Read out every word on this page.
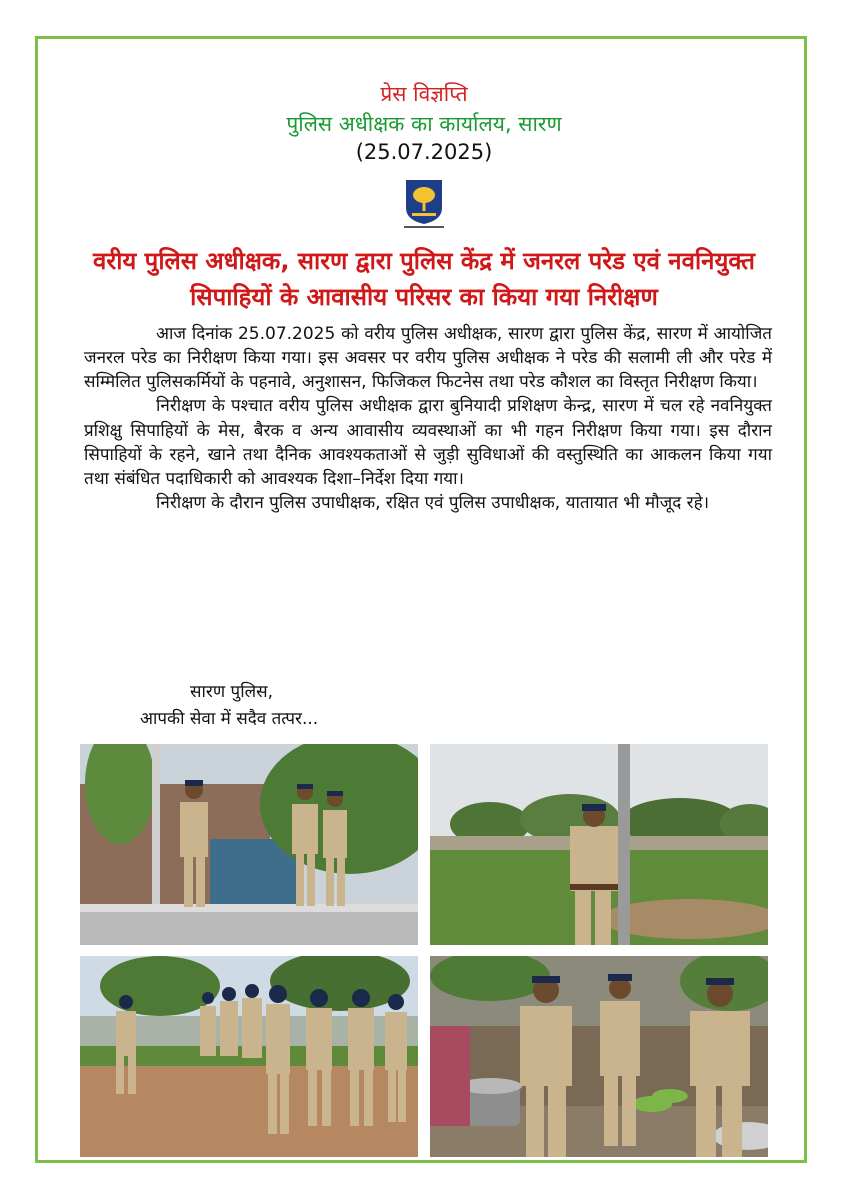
प्रेस विज्ञप्ति
पुलिस अधीक्षक का कार्यालय, सारण
(25.07.2025)
वरीय पुलिस अधीक्षक, सारण द्वारा पुलिस केंद्र में जनरल परेड एवं नवनियुक्त सिपाहियों के आवासीय परिसर का किया गया निरीक्षण

आज दिनांक 25.07.2025 को वरीय पुलिस अधीक्षक, सारण द्वारा पुलिस केंद्र, सारण में आयोजित जनरल परेड का निरीक्षण किया गया। इस अवसर पर वरीय पुलिस अधीक्षक ने परेड की सलामी ली और परेड में सम्मिलित पुलिसकर्मियों के पहनावे, अनुशासन, फिजिकल फिटनेस तथा परेड कौशल का विस्तृत निरीक्षण किया।

निरीक्षण के पश्चात वरीय पुलिस अधीक्षक द्वारा बुनियादी प्रशिक्षण केन्द्र, सारण में चल रहे नवनियुक्त प्रशिक्षु सिपाहियों के मेस, बैरक व अन्य आवासीय व्यवस्थाओं का भी गहन निरीक्षण किया गया। इस दौरान सिपाहियों के रहने, खाने तथा दैनिक आवश्यकताओं से जुड़ी सुविधाओं की वस्तुस्थिति का आकलन किया गया तथा संबंधित पदाधिकारी को आवश्यक दिशा–निर्देश दिया गया।

निरीक्षण के दौरान पुलिस उपाधीक्षक, रक्षित एवं पुलिस उपाधीक्षक, यातायात भी मौजूद रहे।

सारण पुलिस,
आपकी सेवा में सदैव तत्पर...
